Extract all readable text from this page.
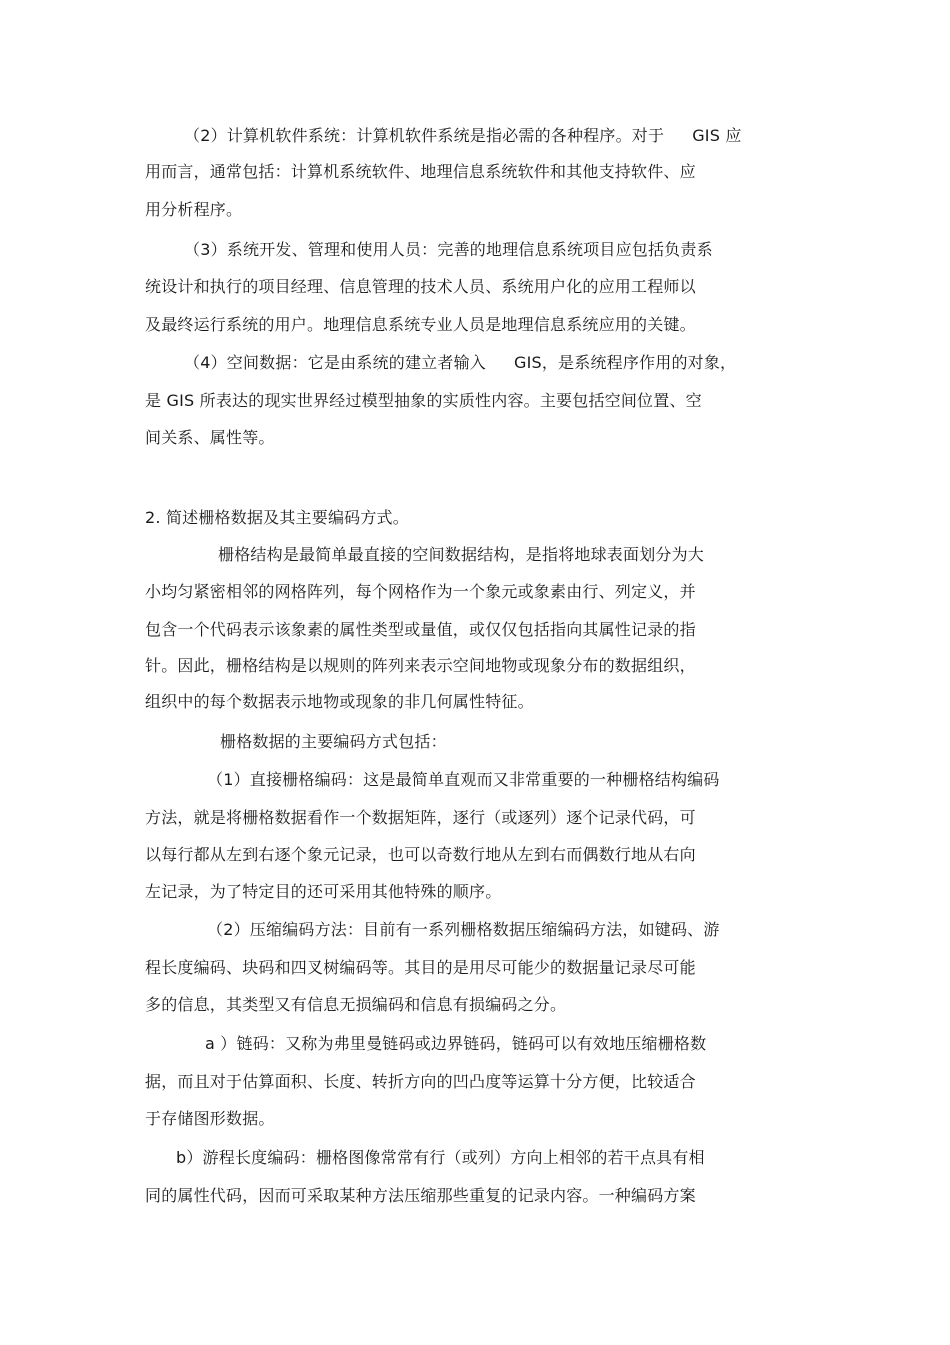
（2）计算机软件系统：计算机软件系统是指必需的各种程序。对于 GIS 应
用而言，通常包括：计算机系统软件、地理信息系统软件和其他支持软件、应
用分析程序。
（3）系统开发、管理和使用人员：完善的地理信息系统项目应包括负责系
统设计和执行的项目经理、信息管理的技术人员、系统用户化的应用工程师以
及最终运行系统的用户。地理信息系统专业人员是地理信息系统应用的关键。
（4）空间数据：它是由系统的建立者输入 GIS，是系统程序作用的对象，
是 GIS 所表达的现实世界经过模型抽象的实质性内容。主要包括空间位置、空
间关系、属性等。
2. 简述栅格数据及其主要编码方式。
栅格结构是最简单最直接的空间数据结构，是指将地球表面划分为大
小均匀紧密相邻的网格阵列，每个网格作为一个象元或象素由行、列定义，并
包含一个代码表示该象素的属性类型或量值，或仅仅包括指向其属性记录的指
针。因此，栅格结构是以规则的阵列来表示空间地物或现象分布的数据组织，
组织中的每个数据表示地物或现象的非几何属性特征。
栅格数据的主要编码方式包括：
（1）直接栅格编码：这是最简单直观而又非常重要的一种栅格结构编码
方法，就是将栅格数据看作一个数据矩阵，逐行（或逐列）逐个记录代码，可
以每行都从左到右逐个象元记录，也可以奇数行地从左到右而偶数行地从右向
左记录，为了特定目的还可采用其他特殊的顺序。
（2）压缩编码方法：目前有一系列栅格数据压缩编码方法，如键码、游
程长度编码、块码和四叉树编码等。其目的是用尽可能少的数据量记录尽可能
多的信息，其类型又有信息无损编码和信息有损编码之分。
a ）链码：又称为弗里曼链码或边界链码，链码可以有效地压缩栅格数
据，而且对于估算面积、长度、转折方向的凹凸度等运算十分方便，比较适合
于存储图形数据。
b）游程长度编码：栅格图像常常有行（或列）方向上相邻的若干点具有相
同的属性代码，因而可采取某种方法压缩那些重复的记录内容。一种编码方案
